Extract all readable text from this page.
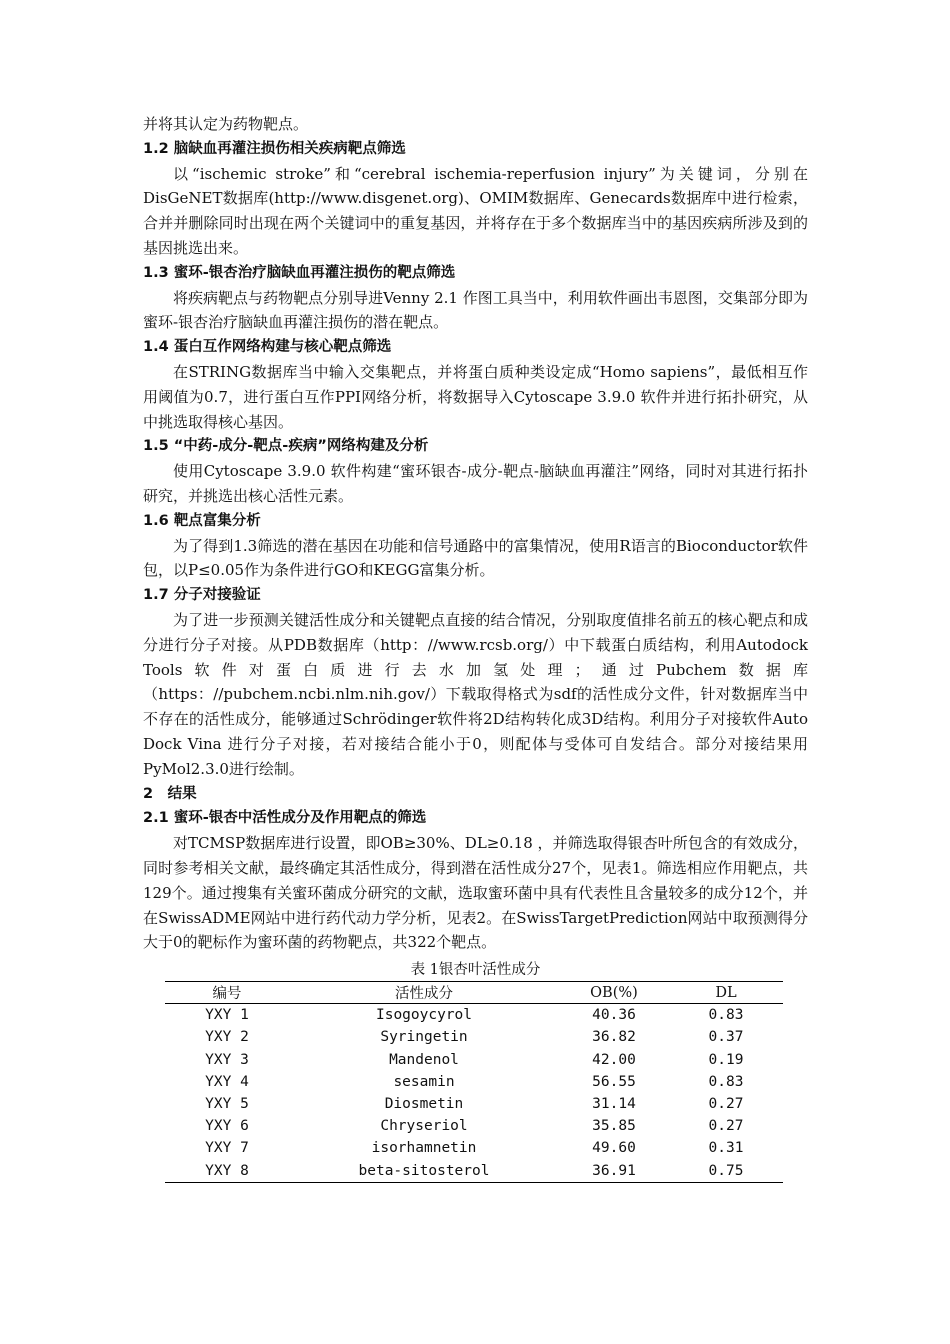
并将其认定为药物靶点。

1.2 脑缺血再灌注损伤相关疾病靶点筛选

以“ischemic stroke”和“cerebral ischemia-reperfusion injury”为关键词，分别在DisGeNET数据库(http://www.disgenet.org)、OMIM数据库、Genecards数据库中进行检索，合并并删除同时出现在两个关键词中的重复基因，并将存在于多个数据库当中的基因疾病所涉及到的基因挑选出来。

1.3 蜜环-银杏治疗脑缺血再灌注损伤的靶点筛选

将疾病靶点与药物靶点分别导进Venny 2.1 作图工具当中，利用软件画出韦恩图，交集部分即为蜜环-银杏治疗脑缺血再灌注损伤的潜在靶点。

1.4 蛋白互作网络构建与核心靶点筛选

在STRING数据库当中输入交集靶点，并将蛋白质种类设定成“Homo sapiens”，最低相互作用阈值为0.7，进行蛋白互作PPI网络分析，将数据导入Cytoscape 3.9.0 软件并进行拓扑研究，从中挑选取得核心基因。

1.5 “中药-成分-靶点-疾病”网络构建及分析

使用Cytoscape 3.9.0 软件构建“蜜环银杏-成分-靶点-脑缺血再灌注”网络，同时对其进行拓扑研究，并挑选出核心活性元素。

1.6 靶点富集分析

为了得到1.3筛选的潜在基因在功能和信号通路中的富集情况，使用R语言的Bioconductor软件包，以P≤0.05作为条件进行GO和KEGG富集分析。

1.7 分子对接验证

为了进一步预测关键活性成分和关键靶点直接的结合情况，分别取度值排名前五的核心靶点和成分进行分子对接。从PDB数据库（http：//www.rcsb.org/）中下载蛋白质结构，利用Autodock Tools软件对蛋白质进行去水加氢处理；通过Pubchem数据库（https：//pubchem.ncbi.nlm.nih.gov/）下载取得格式为sdf的活性成分文件，针对数据库当中不存在的活性成分，能够通过Schrödinger软件将2D结构转化成3D结构。利用分子对接软件Auto Dock Vina 进行分子对接，若对接结合能小于0，则配体与受体可自发结合。部分对接结果用PyMol2.3.0进行绘制。

2　结果
2.1 蜜环-银杏中活性成分及作用靶点的筛选

对TCMSP数据库进行设置，即OB≥30%、DL≥0.18 ，并筛选取得银杏叶所包含的有效成分，同时参考相关文献，最终确定其活性成分，得到潜在活性成分27个，见表1。筛选相应作用靶点，共129个。通过搜集有关蜜环菌成分研究的文献，选取蜜环菌中具有代表性且含量较多的成分12个，并在SwissADME网站中进行药代动力学分析，见表2。在SwissTargetPrediction网站中取预测得分大于0的靶标作为蜜环菌的药物靶点，共322个靶点。

表 1银杏叶活性成分
编号	活性成分	OB(%)	DL
YXY 1	Isogoycyrol	40.36	0.83
YXY 2	Syringetin	36.82	0.37
YXY 3	Mandenol	42.00	0.19
YXY 4	sesamin	56.55	0.83
YXY 5	Diosmetin	31.14	0.27
YXY 6	Chryseriol	35.85	0.27
YXY 7	isorhamnetin	49.60	0.31
YXY 8	beta-sitosterol	36.91	0.75
